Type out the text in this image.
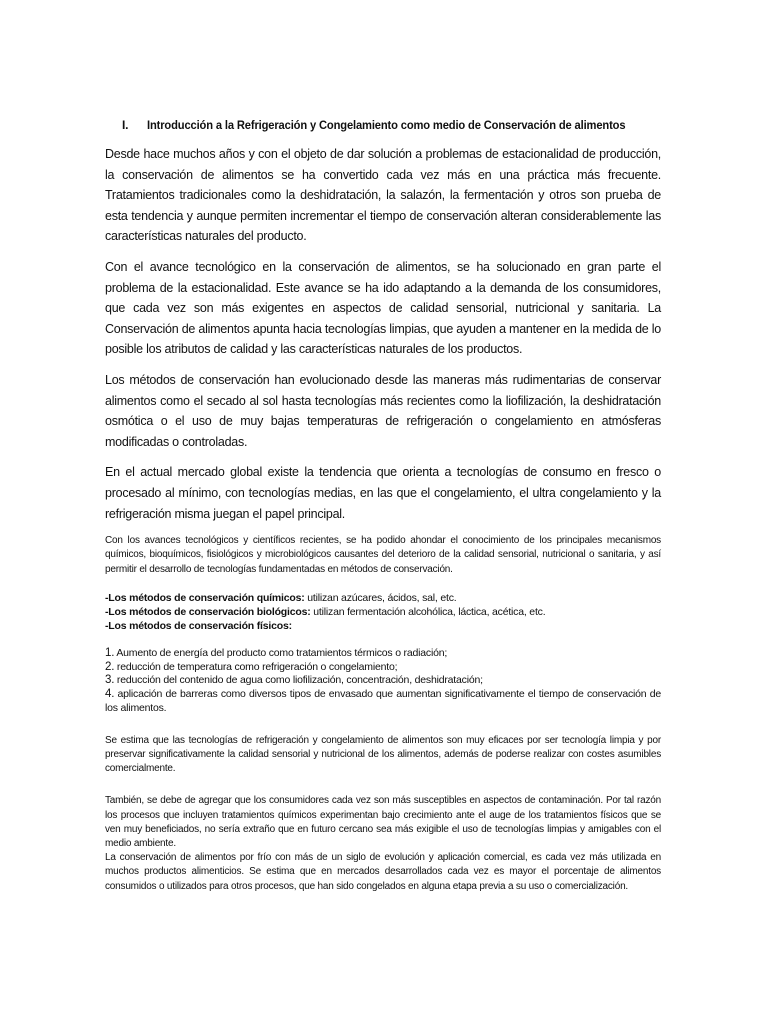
I.	Introducción a la Refrigeración y Congelamiento como medio de Conservación de alimentos

Desde hace muchos años y con el objeto de dar solución a problemas de estacionalidad de producción, la conservación de alimentos se ha convertido cada vez más en una práctica más frecuente. Tratamientos tradicionales como la deshidratación, la salazón, la fermentación y otros son prueba de esta tendencia y aunque permiten incrementar el tiempo de conservación alteran considerablemente las características naturales del producto.

Con el avance tecnológico en la conservación de alimentos, se ha solucionado en gran parte el problema de la estacionalidad. Este avance se ha ido adaptando a la demanda de los consumidores, que cada vez son más exigentes en aspectos de calidad sensorial, nutricional y sanitaria. La Conservación de alimentos apunta hacia tecnologías limpias, que ayuden a mantener en la medida de lo posible los atributos de calidad y las características naturales de los productos.

Los métodos de conservación han evolucionado desde las maneras más rudimentarias de conservar alimentos como el secado al sol hasta tecnologías más recientes como la liofilización, la deshidratación osmótica o el uso de muy bajas temperaturas de refrigeración o congelamiento en atmósferas modificadas o controladas.

En el actual mercado global existe la tendencia que orienta a tecnologías de consumo en fresco o procesado al mínimo, con tecnologías medias, en las que el congelamiento, el ultra congelamiento y la refrigeración misma juegan el papel principal.

Con los avances tecnológicos y científicos recientes, se ha podido ahondar el conocimiento de los principales mecanismos químicos, bioquímicos, fisiológicos y microbiológicos causantes del deterioro de la calidad sensorial, nutricional o sanitaria, y así permitir el desarrollo de tecnologías fundamentadas en métodos de conservación.

-Los métodos de conservación químicos: utilizan azúcares, ácidos, sal, etc.
-Los métodos de conservación biológicos: utilizan fermentación alcohólica, láctica, acética, etc.
-Los métodos de conservación físicos:
1. Aumento de energía del producto como tratamientos térmicos o radiación;
2. reducción de temperatura como refrigeración o congelamiento;
3. reducción del contenido de agua como liofilización, concentración, deshidratación;
4. aplicación de barreras como diversos tipos de envasado que aumentan significativamente el tiempo de conservación de los alimentos.

Se estima que las tecnologías de refrigeración y congelamiento de alimentos son muy eficaces por ser tecnología limpia y por preservar significativamente la calidad sensorial y nutricional de los alimentos, además de poderse realizar con costes asumibles comercialmente.

También, se debe de agregar que los consumidores cada vez son más susceptibles en aspectos de contaminación. Por tal razón los procesos que incluyen tratamientos químicos experimentan bajo crecimiento ante el auge de los tratamientos físicos que se ven muy beneficiados, no sería extraño que en futuro cercano sea más exigible el uso de tecnologías limpias y amigables con el medio ambiente.

La conservación de alimentos por frío con más de un siglo de evolución y aplicación comercial, es cada vez más utilizada en muchos productos alimenticios. Se estima que en mercados desarrollados cada vez es mayor el porcentaje de alimentos consumidos o utilizados para otros procesos, que han sido congelados en alguna etapa previa a su uso o comercialización.
